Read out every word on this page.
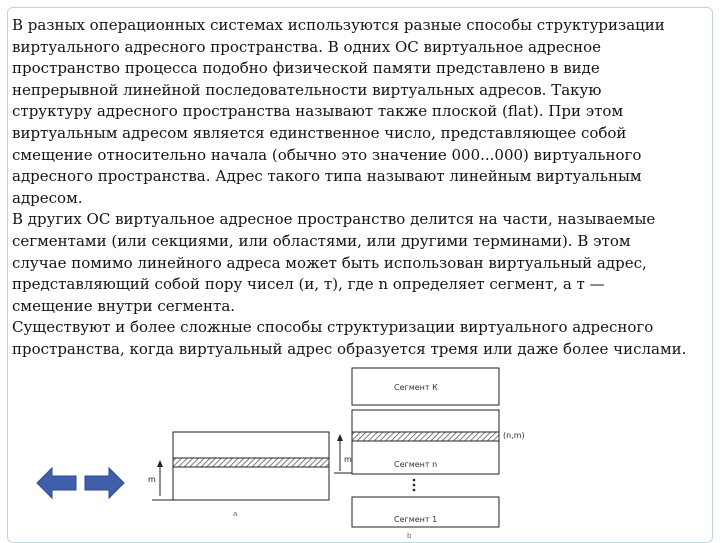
В разных операционных системах используются разные способы структуризации

виртуального адресного пространства. В одних ОС виртуальное адресное

пространство процесса подобно физической памяти представлено в виде

непрерывной линейной последовательности виртуальных адресов. Такую

структуру адресного пространства называют также плоской (flat). При этом

виртуальным адресом является единственное число, представляющее собой

смещение относительно начала (обычно это значение 000...000) виртуального

адресного пространства. Адрес такого типа называют линейным виртуальным

адресом.

В других ОС виртуальное адресное пространство делится на части, называемые

сегментами (или секциями, или областями, или другими терминами). В этом

случае помимо линейного адреса может быть использован виртуальный адрес,

представляющий собой пору чисел (и, т), где n определяет сегмент, а т —

смещение внутри сегмента.

Существуют и более сложные способы структуризации виртуального адресного

пространства, когда виртуальный адрес образуется тремя или даже более числами.

m
a
Сегмент К
Сегмент n
m
(n,m)
Сегмент 1
b
